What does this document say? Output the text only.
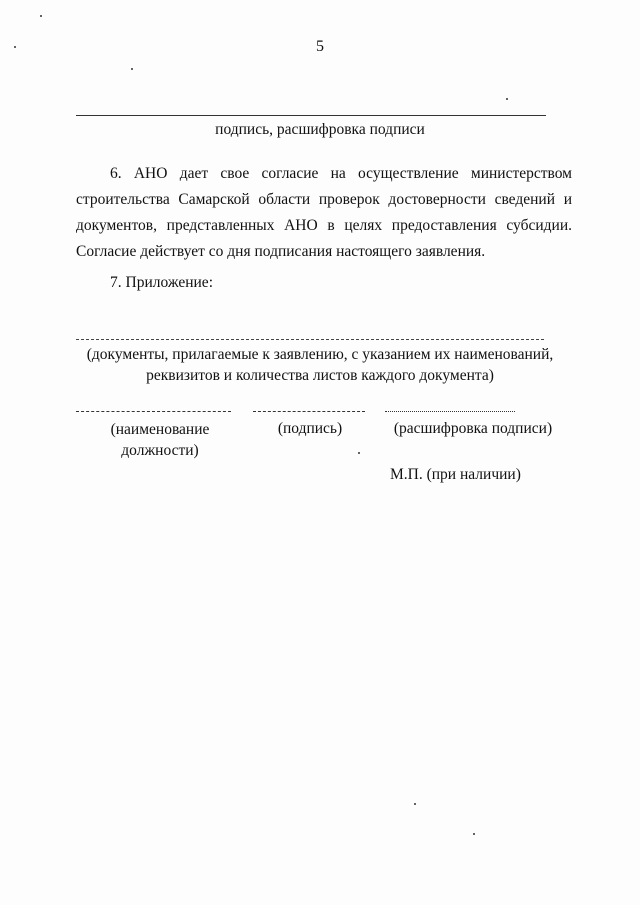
5
подпись, расшифровка подписи
6. АНО дает свое согласие на осуществление министерством
строительства Самарской области проверок достоверности сведений и
документов, представленных АНО в целях предоставления субсидии.
Согласие действует со дня подписания настоящего заявления.
7. Приложение:
(документы, прилагаемые к заявлению, с указанием их наименований,
реквизитов и количества листов каждого документа)
(наименование
должности)
(подпись)	(расшифровка подписи)
М.П. (при наличии)
